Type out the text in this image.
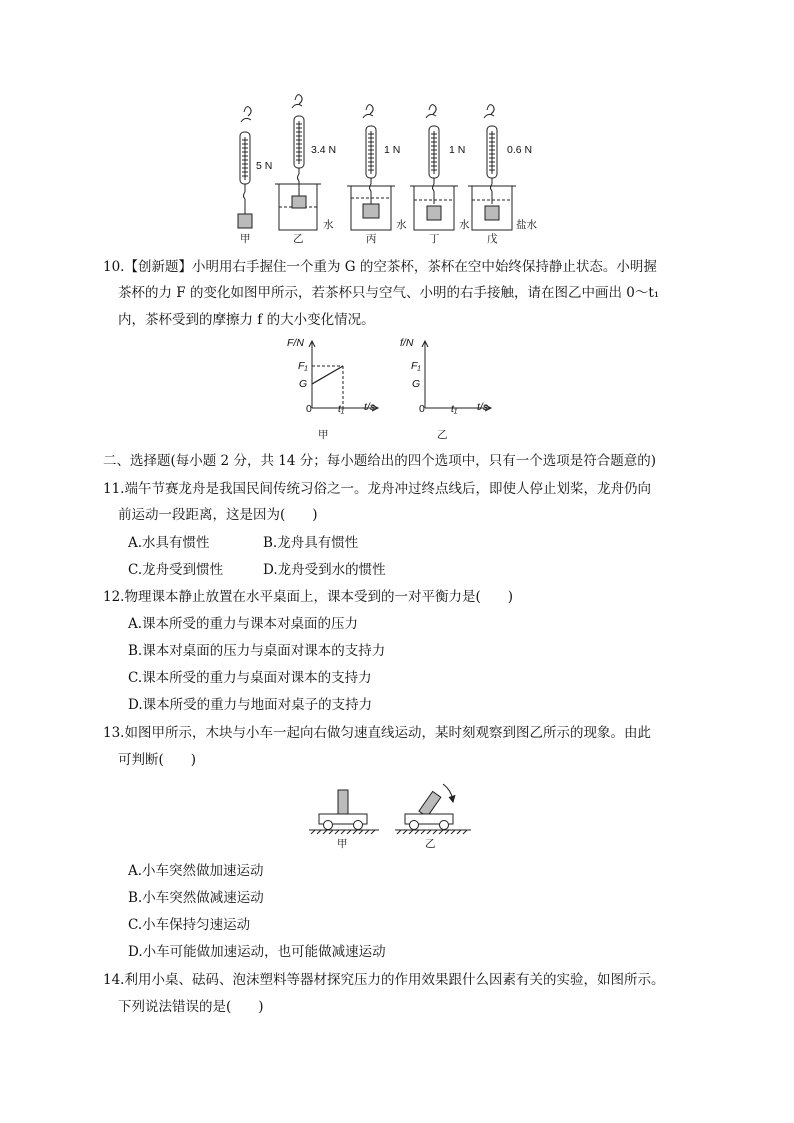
5 N
3.4 N	1 N	1 N	0.6 N
水	水	水	盐水
甲	乙	丙	丁	戊
10.【创新题】小明用右手握住一个重为 G 的空茶杯，茶杯在空中始终保持静止状态。小明握
茶杯的力 F 的变化如图甲所示，若茶杯只与空气、小明的右手接触，请在图乙中画出 0～t₁
内，茶杯受到的摩擦力 f 的大小变化情况。
F/N
F₁
G
0 t₁ t/s
甲
f/N
F₁
G
0 t₁ t/s
乙
二、选择题(每小题 2 分，共 14 分；每小题给出的四个选项中，只有一个选项是符合题意的)
11.端午节赛龙舟是我国民间传统习俗之一。龙舟冲过终点线后，即使人停止划桨，龙舟仍向
前运动一段距离，这是因为(　　)
A.水具有惯性	B.龙舟具有惯性
C.龙舟受到惯性	D.龙舟受到水的惯性
12.物理课本静止放置在水平桌面上，课本受到的一对平衡力是(　　)
A.课本所受的重力与课本对桌面的压力
B.课本对桌面的压力与桌面对课本的支持力
C.课本所受的重力与桌面对课本的支持力
D.课本所受的重力与地面对桌子的支持力
13.如图甲所示，木块与小车一起向右做匀速直线运动，某时刻观察到图乙所示的现象。由此
可判断(　　)
甲	乙
A.小车突然做加速运动
B.小车突然做减速运动
C.小车保持匀速运动
D.小车可能做加速运动，也可能做减速运动
14.利用小桌、砝码、泡沫塑料等器材探究压力的作用效果跟什么因素有关的实验，如图所示。
下列说法错误的是(　　)
